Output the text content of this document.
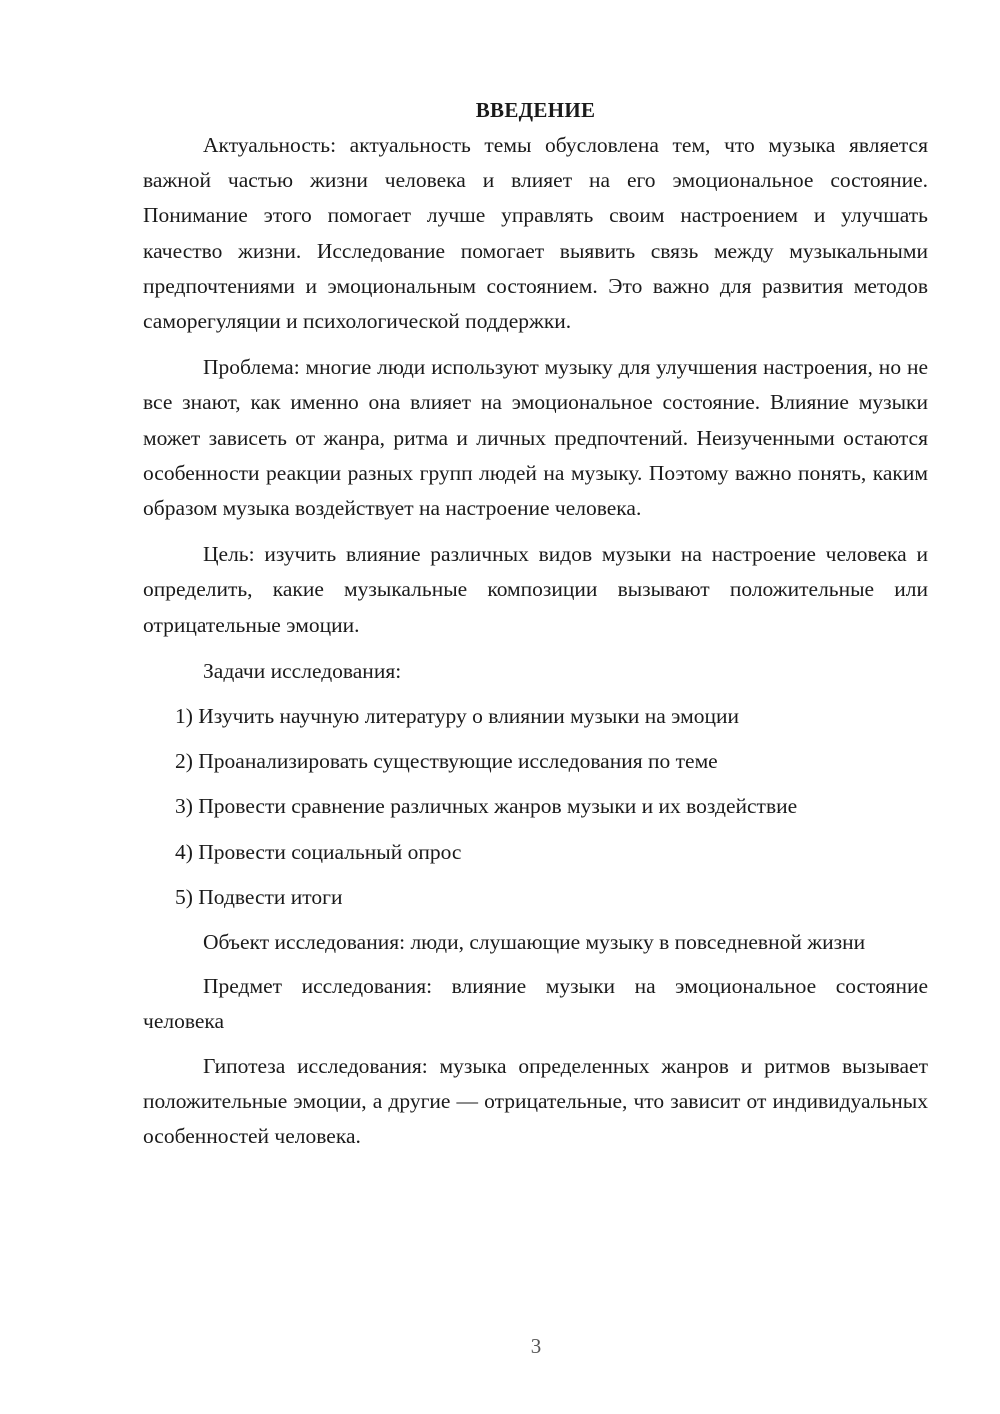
ВВЕДЕНИЕ

Актуальность: актуальность темы обусловлена тем, что музыка является важной частью жизни человека и влияет на его эмоциональное состояние. Понимание этого помогает лучше управлять своим настроением и улучшать качество жизни. Исследование помогает выявить связь между музыкальными предпочтениями и эмоциональным состоянием. Это важно для развития методов саморегуляции и психологической поддержки.

Проблема: многие люди используют музыку для улучшения настроения, но не все знают, как именно она влияет на эмоциональное состояние. Влияние музыки может зависеть от жанра, ритма и личных предпочтений. Неизученными остаются особенности реакции разных групп людей на музыку. Поэтому важно понять, каким образом музыка воздействует на настроение человека.

Цель: изучить влияние различных видов музыки на настроение человека и определить, какие музыкальные композиции вызывают положительные или отрицательные эмоции.

Задачи исследования:

1) Изучить научную литературу о влиянии музыки на эмоции
2) Проанализировать существующие исследования по теме
3) Провести сравнение различных жанров музыки и их воздействие
4) Провести социальный опрос
5) Подвести итоги

Объект исследования: люди, слушающие музыку в повседневной жизни

Предмет исследования: влияние музыки на эмоциональное состояние человека

Гипотеза исследования: музыка определенных жанров и ритмов вызывает положительные эмоции, а другие — отрицательные, что зависит от индивидуальных особенностей человека.

3
